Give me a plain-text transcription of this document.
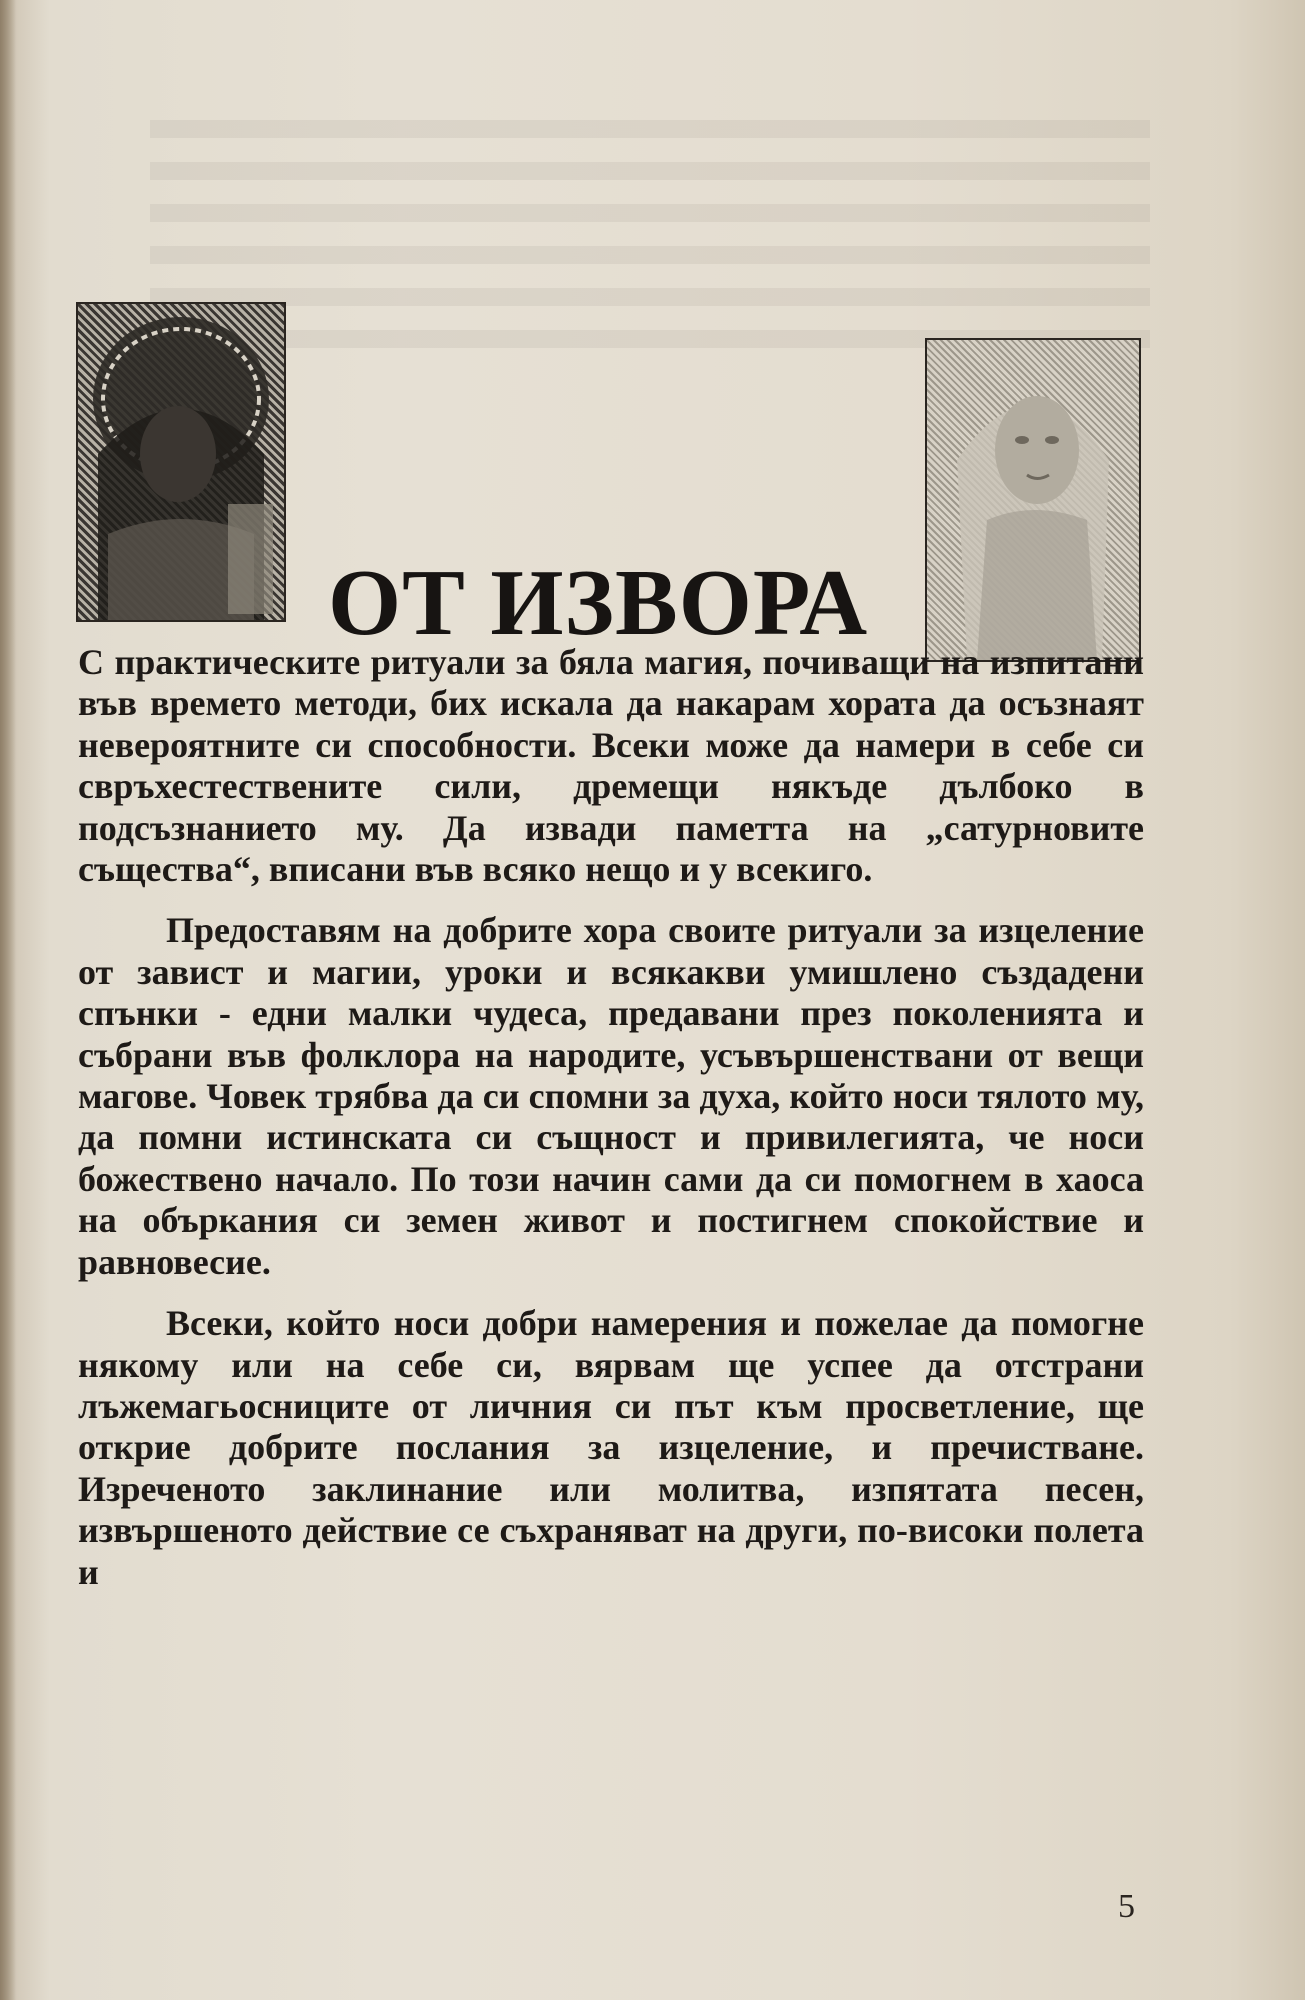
ОТ ИЗВОРА

С практическите ритуали за бяла магия, почиващи на изпитани във времето методи, бих искала да накарам хората да осъзнаят невероятните си способности. Всеки може да намери в себе си свръхестествените сили, дремещи някъде дълбоко в подсъзнанието му. Да извади паметта на „сатурновите същества“, вписани във всяко нещо и у всекиго.

Предоставям на добрите хора своите ритуали за изцеление от завист и магии, уроки и всякакви умишлено създадени спънки - едни малки чудеса, предавани през поколенията и събрани във фолклора на народите, усъвършенствани от вещи магове. Човек трябва да си спомни за духа, който носи тялото му, да помни истинската си същност и привилегията, че носи божествено начало. По този начин сами да си помогнем в хаоса на объркания си земен живот и постигнем спокойствие и равновесие.

Всеки, който носи добри намерения и пожелае да помогне някому или на себе си, вярвам ще успее да отстрани лъжемагьосниците от личния си път към просветление, ще открие добрите послания за изцеление, и пречистване. Изреченото заклинание или молитва, изпятата песен, извършеното действие се съхраняват на други, по-високи полета и

5
